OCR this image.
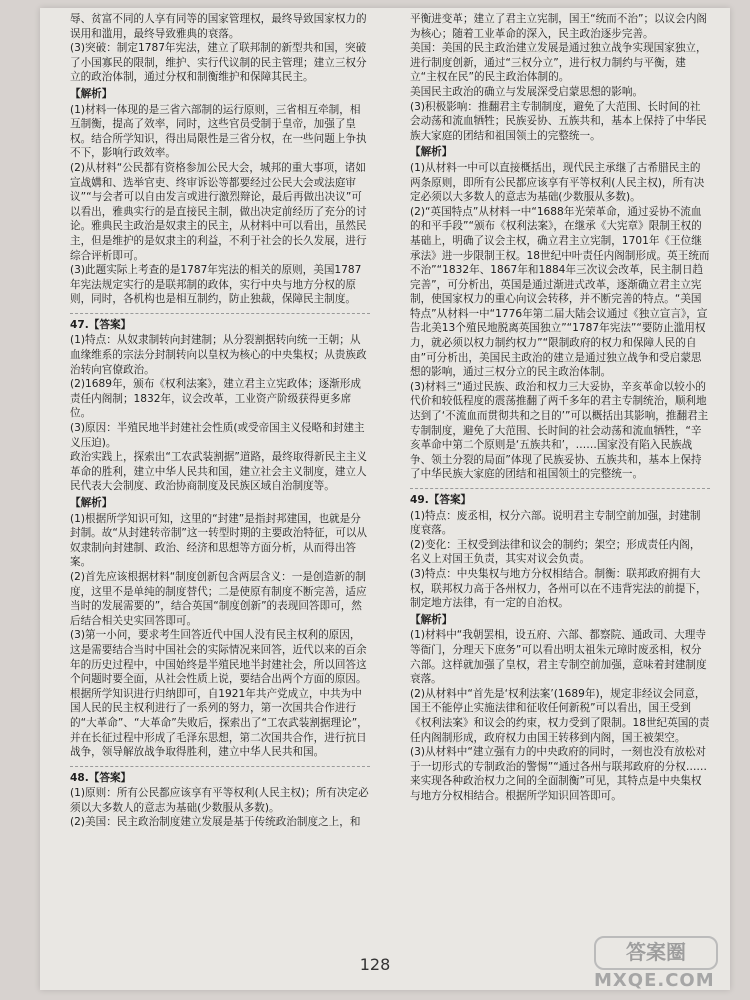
辱、贫富不同的人享有同等的国家管理权，最终导致国家权力的误用和滥用，最终导致雅典的衰落。

(3)突破：制定1787年宪法，建立了联邦制的新型共和国，突破了小国寡民的限制，维护、实行代议制的民主管理；建立三权分立的政治体制，通过分权和制衡维护和保障其民主。

【解析】

(1)材料一体现的是三省六部制的运行原则，三省相互牵制，相互制衡，提高了效率，同时，这些官员受制于皇帝，加强了皇权。结合所学知识，得出局限性是三省分权，在一些问题上争执不下，影响行政效率。

(2)从材料“公民都有资格参加公民大会，城邦的重大事项，诸如宣战媾和、选举官吏、终审诉讼等都要经过公民大会或法庭审议”“与会者可以自由发言或进行激烈辩论，最后再做出决议”可以看出，雅典实行的是直接民主制，做出决定前经历了充分的讨论。雅典民主政治是奴隶主的民主，从材料中可以看出，虽然民主，但是维护的是奴隶主的利益，不利于社会的长久发展，进行综合评析即可。

(3)此题实际上考查的是1787年宪法的相关的原则，美国1787年宪法规定实行的是联邦制的政体，实行中央与地方分权的原则，同时，各机构也是相互制约，防止独裁，保障民主制度。

47.【答案】

(1)特点：从奴隶制转向封建制；从分裂割据转向统一王朝；从血缘维系的宗法分封制转向以皇权为核心的中央集权；从贵族政治转向官僚政治。

(2)1689年，颁布《权利法案》，建立君主立宪政体；逐渐形成责任内阁制；1832年，议会改革，工业资产阶级获得更多席位。

(3)原因：半殖民地半封建社会性质(或受帝国主义侵略和封建主义压迫)。

政治实践上，探索出“工农武装割据”道路，最终取得新民主主义革命的胜利，建立中华人民共和国，建立社会主义制度，建立人民代表大会制度、政治协商制度及民族区域自治制度等。

【解析】

(1)根据所学知识可知，这里的“封建”是指封邦建国，也就是分封制。故“从封建转帝制”这一转型时期的主要政治特征，可以从奴隶制向封建制、政治、经济和思想等方面分析，从而得出答案。

(2)首先应该根据材料“制度创新包含两层含义：一是创造新的制度，这里不是单纯的制度替代；二是使原有制度不断完善，适应当时的发展需要的”，结合英国“制度创新”的表现回答即可，然后结合相关史实回答即可。

(3)第一小问，要求考生回答近代中国人没有民主权利的原因，这是需要结合当时中国社会的实际情况来回答，近代以来的百余年的历史过程中，中国始终是半殖民地半封建社会，所以回答这个问题时要全面，从社会性质上说，要结合出两个方面的原因。根据所学知识进行归纳即可，自1921年共产党成立，中共为中国人民的民主权利进行了一系列的努力，第一次国共合作进行的“大革命”、“大革命”失败后，探索出了“工农武装割据理论”，并在长征过程中形成了毛泽东思想，第二次国共合作，进行抗日战争，领导解放战争取得胜利，建立中华人民共和国。

48.【答案】

(1)原则：所有公民都应该享有平等权利(人民主权)；所有决定必须以大多数人的意志为基础(少数服从多数)。

(2)美国：民主政治制度建立发展是基于传统政治制度之上，和

平衡进变革；建立了君主立宪制，国王“统而不治”；以议会内阁为核心；随着工业革命的深入，民主政治逐步完善。

美国：美国的民主政治建立发展是通过独立战争实现国家独立，进行制度创新，通过“三权分立”，进行权力制约与平衡，建立“主权在民”的民主政治体制的。

美国民主政治的确立与发展深受启蒙思想的影响。

(3)积极影响：推翻君主专制制度，避免了大范围、长时间的社会动荡和流血牺牲；民族妥协、五族共和，基本上保持了中华民族大家庭的团结和祖国领土的完整统一。

【解析】

(1)从材料一中可以直接概括出，现代民主承继了古希腊民主的两条原则，即所有公民都应该享有平等权利(人民主权)，所有决定必须以大多数人的意志为基础(少数服从多数)。

(2)“英国特点”从材料一中“1688年光荣革命，通过妥协不流血的和平手段”“颁布《权利法案》，在继承《大宪章》限制王权的基础上，明确了议会主权，确立君主立宪制，1701年《王位继承法》进一步限制王权。18世纪中叶责任内阁制形成。英王统而不治”“1832年、1867年和1884年三次议会改革，民主制日趋完善”，可分析出，英国是通过渐进式改革，逐渐确立君主立宪制，使国家权力的重心向议会转移，并不断完善的特点。“美国特点”从材料一中“1776年第二届大陆会议通过《独立宣言》，宣告北美13个殖民地脱离英国独立”“1787年宪法”“要防止滥用权力，就必须以权力制约权力”“限制政府的权力和保障人民的自由”可分析出，美国民主政治的建立是通过独立战争和受启蒙思想的影响，通过三权分立的民主政治体制。

(3)材料三“通过民族、政治和权力三大妥协，辛亥革命以较小的代价和较低程度的震荡推翻了两千多年的君主专制统治，顺利地达到了‘不流血而贯彻共和之目的’”可以概括出其影响，推翻君主专制制度，避免了大范围、长时间的社会动荡和流血牺牲，“辛亥革命中第二个原则是‘五族共和’，……国家没有陷入民族战争、领土分裂的局面”体现了民族妥协、五族共和，基本上保持了中华民族大家庭的团结和祖国领土的完整统一。

49.【答案】

(1)特点：废丞相，权分六部。说明君主专制空前加强，封建制度衰落。

(2)变化：王权受到法律和议会的制约；架空；形成责任内阁，名义上对国王负责，其实对议会负责。

(3)特点：中央集权与地方分权相结合。制衡：联邦政府拥有大权，联邦权力高于各州权力，各州可以在不违背宪法的前提下，制定地方法律，有一定的自治权。

【解析】

(1)材料中“我朝罢相，设五府、六部、都察院、通政司、大理寺等衙门，分理天下庶务”可以看出明太祖朱元璋时废丞相，权分六部。这样就加强了皇权，君主专制空前加强，意味着封建制度衰落。

(2)从材料中“首先是‘权利法案’(1689年)，规定非经议会同意，国王不能停止实施法律和征收任何新税”可以看出，国王受到《权利法案》和议会的约束，权力受到了限制。18世纪英国的责任内阁制形成，政府权力由国王转移到内阁，国王被架空。

(3)从材料中“建立强有力的中央政府的同时，一刻也没有放松对于一切形式的专制政治的警惕”“通过各州与联邦政府的分权……来实现各种政治权力之间的全面制衡”可见，其特点是中央集权与地方分权相结合。根据所学知识回答即可。

128
答案圈
MXQE.COM
